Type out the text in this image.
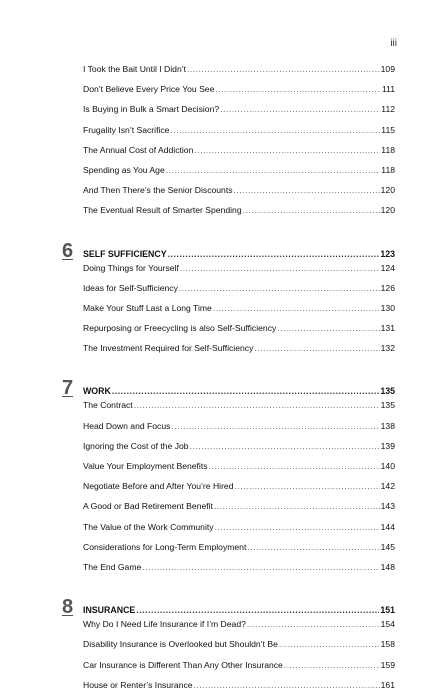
iii
I Took the Bait Until I Didn’t .....	109
Don’t Believe Every Price You See .....	111
Is Buying in Bulk a Smart Decision? .....	112
Frugality Isn’t Sacrifice .....	115
The Annual Cost of Addiction .....	118
Spending as You Age .....	118
And Then There’s the Senior Discounts .....	120
The Eventual Result of Smarter Spending .....	120
6	SELF SUFFICIENCY .....	123
Doing Things for Yourself .....	124
Ideas for Self-Sufficiency .....	126
Make Your Stuff Last a Long Time .....	130
Repurposing or Freecycling is also Self-Sufficiency .....	131
The Investment Required for Self-Sufficiency .....	132
7	WORK .....	135
The Contract .....	135
Head Down and Focus .....	138
Ignoring the Cost of the Job .....	139
Value Your Employment Benefits .....	140
Negotiate Before and After You’re Hired .....	142
A Good or Bad Retirement Benefit .....	143
The Value of the Work Community .....	144
Considerations for Long-Term Employment .....	145
The End Game .....	148
8	INSURANCE .....	151
Why Do I Need Life Insurance if I’m Dead? .....	154
Disability Insurance is Overlooked but Shouldn’t Be .....	158
Car Insurance is Different Than Any Other Insurance .....	159
House or Renter’s Insurance .....	161
